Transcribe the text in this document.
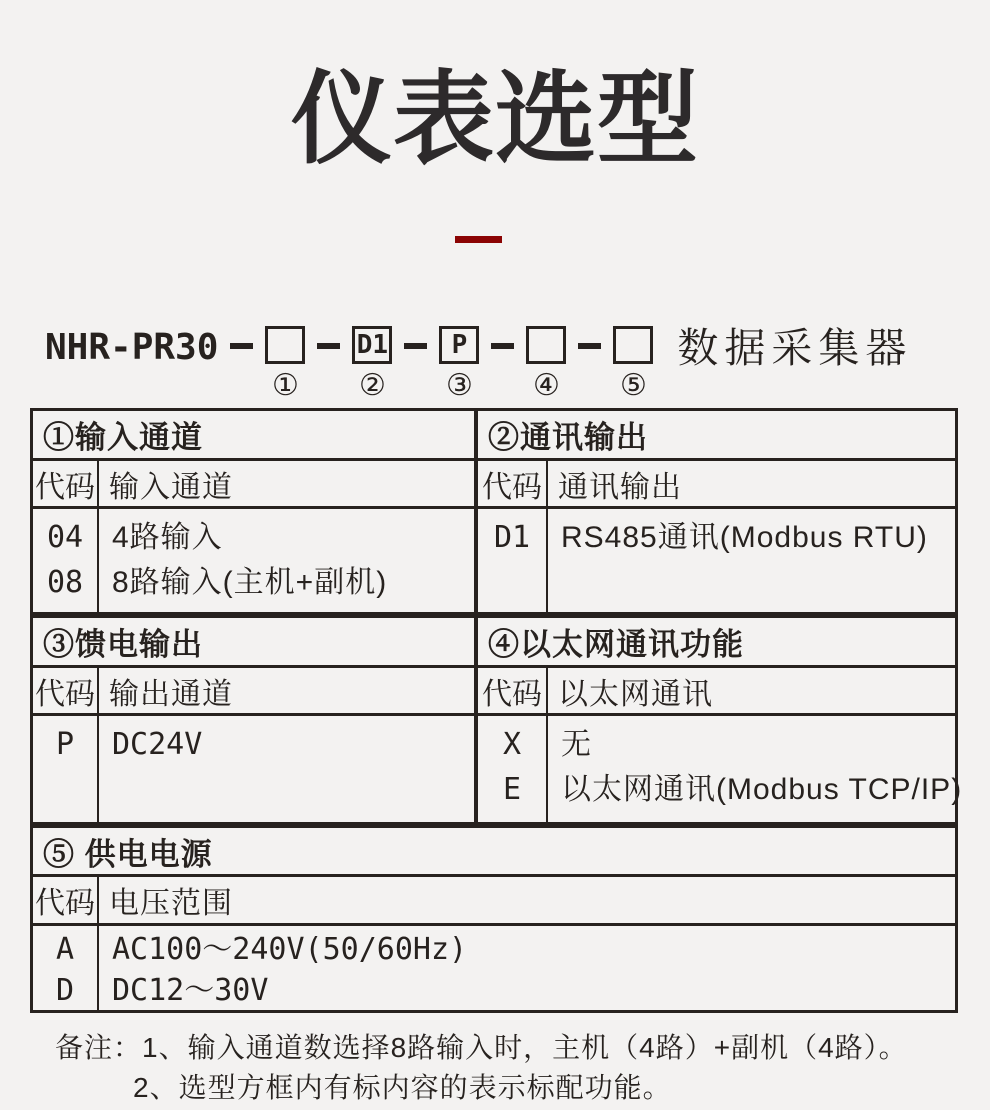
仪表选型
NHR-PR30
①
D1
②
P
③ ④ ⑤
数据采集器
①输入通道
代码 输入通道
04
08
4路输入
8路输入(主机+副机)
②通讯输出
代码 通讯输出
D1	RS485通讯(Modbus RTU)
③馈电输出
代码 输出通道
P	DC24V
④以太网通讯功能
代码 以太网通讯
X
E
无
以太网通讯(Modbus TCP/IP)
⑤ 供电电源
代码 电压范围
A
D
AC100～240V(50/60Hz)
DC12～30V
备注：1、输入通道数选择8路输入时，主机（4路）+副机（4路）。
2、选型方框内有标内容的表示标配功能。
